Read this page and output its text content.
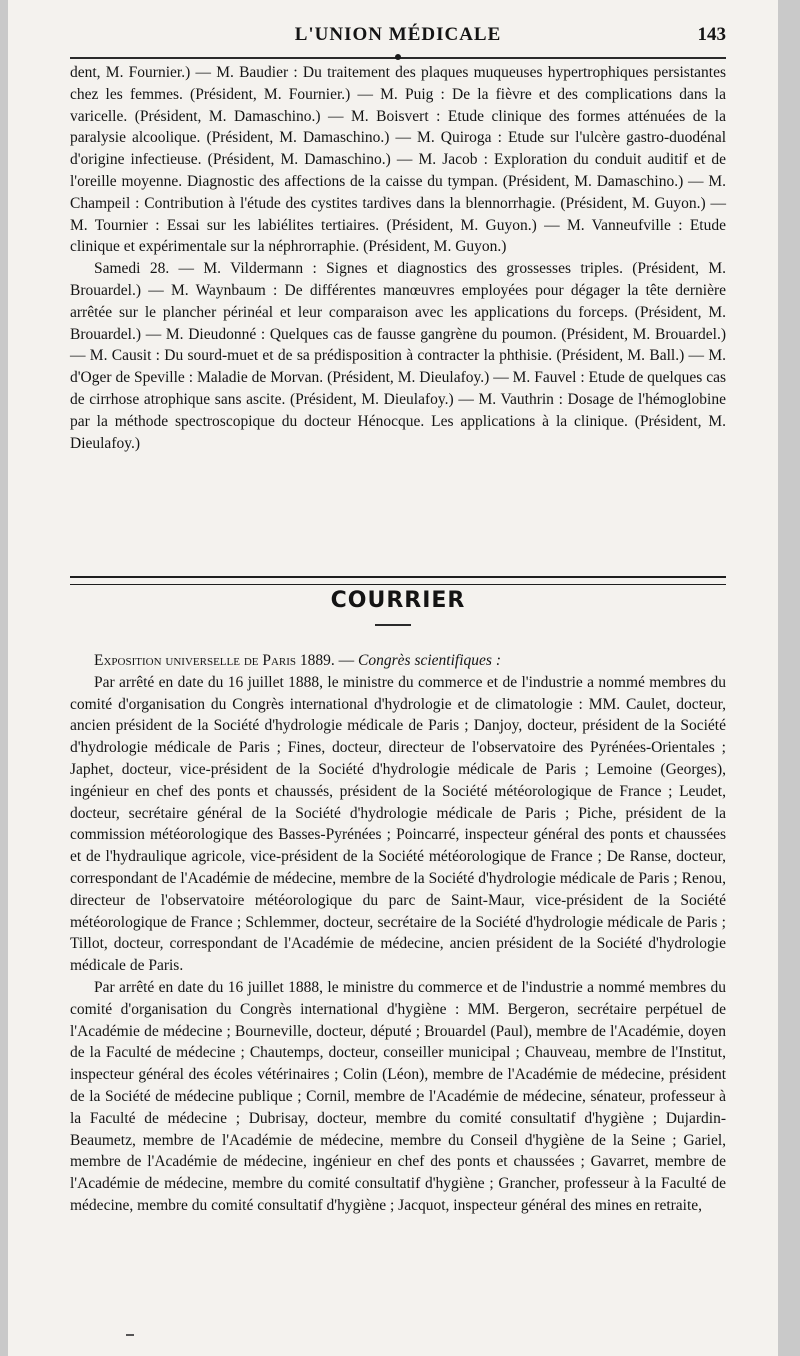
L'UNION MÉDICALE	143

dent, M. Fournier.) — M. Baudier : Du traitement des plaques muqueuses hypertrophiques persistantes chez les femmes. (Président, M. Fournier.) — M. Puig : De la fièvre et des complications dans la varicelle. (Président, M. Damaschino.) — M. Boisvert : Etude clinique des formes atténuées de la paralysie alcoolique. (Président, M. Damaschino.) — M. Quiroga : Etude sur l'ulcère gastro-duodénal d'origine infectieuse. (Président, M. Damaschino.) — M. Jacob : Exploration du conduit auditif et de l'oreille moyenne. Diagnostic des affections de la caisse du tympan. (Président, M. Damaschino.) — M. Champeil : Contribution à l'étude des cystites tardives dans la blennorrhagie. (Président, M. Guyon.) — M. Tournier : Essai sur les labiélites tertiaires. (Président, M. Guyon.) — M. Vanneufville : Etude clinique et expérimentale sur la néphrorraphie. (Président, M. Guyon.)

Samedi 28. — M. Vildermann : Signes et diagnostics des grossesses triples. (Président, M. Brouardel.) — M. Waynbaum : De différentes manœuvres employées pour dégager la tête dernière arrêtée sur le plancher périnéal et leur comparaison avec les applications du forceps. (Président, M. Brouardel.) — M. Dieudonné : Quelques cas de fausse gangrène du poumon. (Président, M. Brouardel.) — M. Causit : Du sourd-muet et de sa prédisposition à contracter la phthisie. (Président, M. Ball.) — M. d'Oger de Speville : Maladie de Morvan. (Président, M. Dieulafoy.) — M. Fauvel : Etude de quelques cas de cirrhose atrophique sans ascite. (Président, M. Dieulafoy.) — M. Vauthrin : Dosage de l'hémoglobine par la méthode spectroscopique du docteur Hénocque. Les applications à la clinique. (Président, M. Dieulafoy.)

COURRIER

Exposition universelle de Paris 1889. — Congrès scientifiques :

Par arrêté en date du 16 juillet 1888, le ministre du commerce et de l'industrie a nommé membres du comité d'organisation du Congrès international d'hydrologie et de climatologie : MM. Caulet, docteur, ancien président de la Société d'hydrologie médicale de Paris ; Danjoy, docteur, président de la Société d'hydrologie médicale de Paris ; Fines, docteur, directeur de l'observatoire des Pyrénées-Orientales ; Japhet, docteur, vice-président de la Société d'hydrologie médicale de Paris ; Lemoine (Georges), ingénieur en chef des ponts et chaussés, président de la Société météorologique de France ; Leudet, docteur, secrétaire général de la Société d'hydrologie médicale de Paris ; Piche, président de la commission météorologique des Basses-Pyrénées ; Poincarré, inspecteur général des ponts et chaussées et de l'hydraulique agricole, vice-président de la Société météorologique de France ; De Ranse, docteur, correspondant de l'Académie de médecine, membre de la Société d'hydrologie médicale de Paris ; Renou, directeur de l'observatoire météorologique du parc de Saint-Maur, vice-président de la Société météorologique de France ; Schlemmer, docteur, secrétaire de la Société d'hydrologie médicale de Paris ; Tillot, docteur, correspondant de l'Académie de médecine, ancien président de la Société d'hydrologie médicale de Paris.

Par arrêté en date du 16 juillet 1888, le ministre du commerce et de l'industrie a nommé membres du comité d'organisation du Congrès international d'hygiène : MM. Bergeron, secrétaire perpétuel de l'Académie de médecine ; Bourneville, docteur, député ; Brouardel (Paul), membre de l'Académie, doyen de la Faculté de médecine ; Chautemps, docteur, conseiller municipal ; Chauveau, membre de l'Institut, inspecteur général des écoles vétérinaires ; Colin (Léon), membre de l'Académie de médecine, président de la Société de médecine publique ; Cornil, membre de l'Académie de médecine, sénateur, professeur à la Faculté de médecine ; Dubrisay, docteur, membre du comité consultatif d'hygiène ; Dujardin-Beaumetz, membre de l'Académie de médecine, membre du Conseil d'hygiène de la Seine ; Gariel, membre de l'Académie de médecine, ingénieur en chef des ponts et chaussées ; Gavarret, membre de l'Académie de médecine, membre du comité consultatif d'hygiène ; Grancher, professeur à la Faculté de médecine, membre du comité consultatif d'hygiène ; Jacquot, inspecteur général des mines en retraite,
